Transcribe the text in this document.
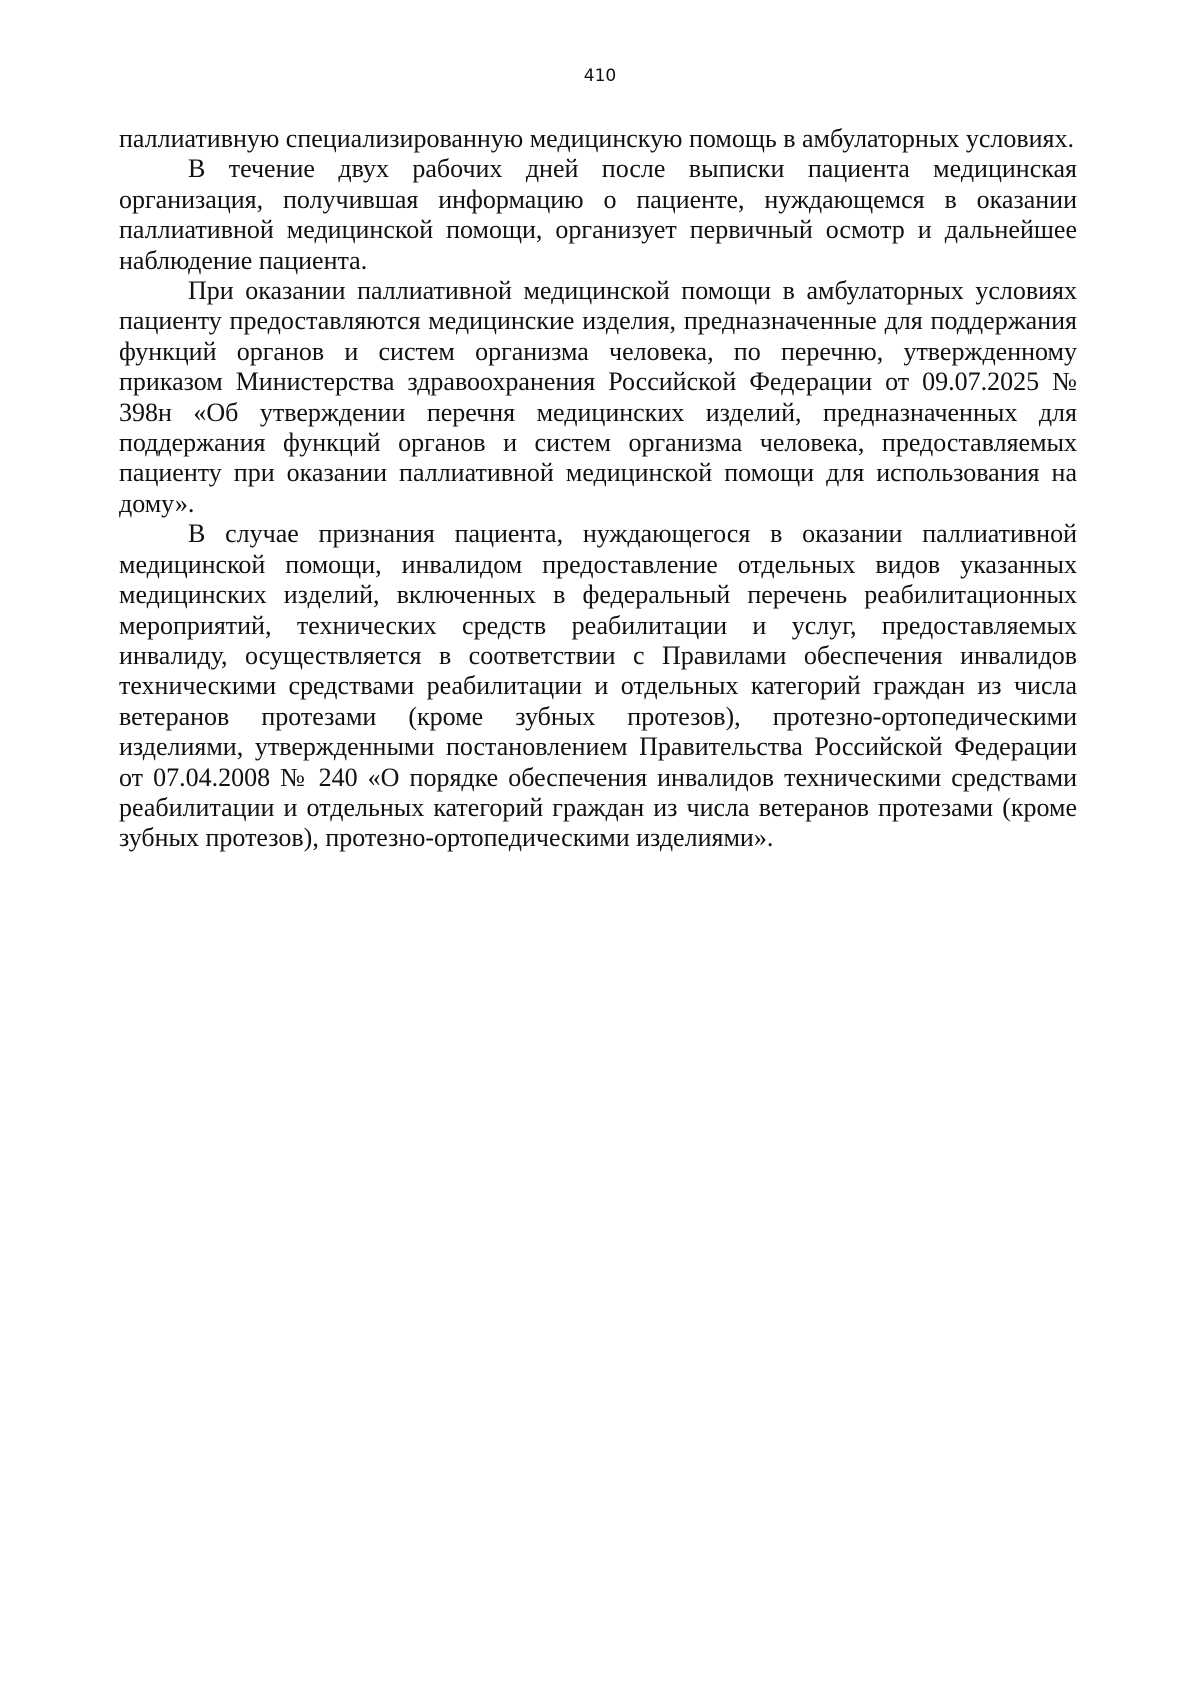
410

паллиативную специализированную медицинскую помощь в амбулаторных условиях.

В течение двух рабочих дней после выписки пациента медицинская организация, получившая информацию о пациенте, нуждающемся в оказании паллиативной медицинской помощи, организует первичный осмотр и дальнейшее наблюдение пациента.

При оказании паллиативной медицинской помощи в амбулаторных условиях пациенту предоставляются медицинские изделия, предназначенные для поддержания функций органов и систем организма человека, по перечню, утвержденному приказом Министерства здравоохранения Российской Федерации от 09.07.2025 № 398н «Об утверждении перечня медицинских изделий, предназначенных для поддержания функций органов и систем организма человека, предоставляемых пациенту при оказании паллиативной медицинской помощи для использования на дому».

В случае признания пациента, нуждающегося в оказании паллиативной медицинской помощи, инвалидом предоставление отдельных видов указанных медицинских изделий, включенных в федеральный перечень реабилитационных мероприятий, технических средств реабилитации и услуг, предоставляемых инвалиду, осуществляется в соответствии с Правилами обеспечения инвалидов техническими средствами реабилитации и отдельных категорий граждан из числа ветеранов протезами (кроме зубных протезов), протезно-ортопедическими изделиями, утвержденными постановлением Правительства Российской Федерации от 07.04.2008 № 240 «О порядке обеспечения инвалидов техническими средствами реабилитации и отдельных категорий граждан из числа ветеранов протезами (кроме зубных протезов), протезно-ортопедическими изделиями».
